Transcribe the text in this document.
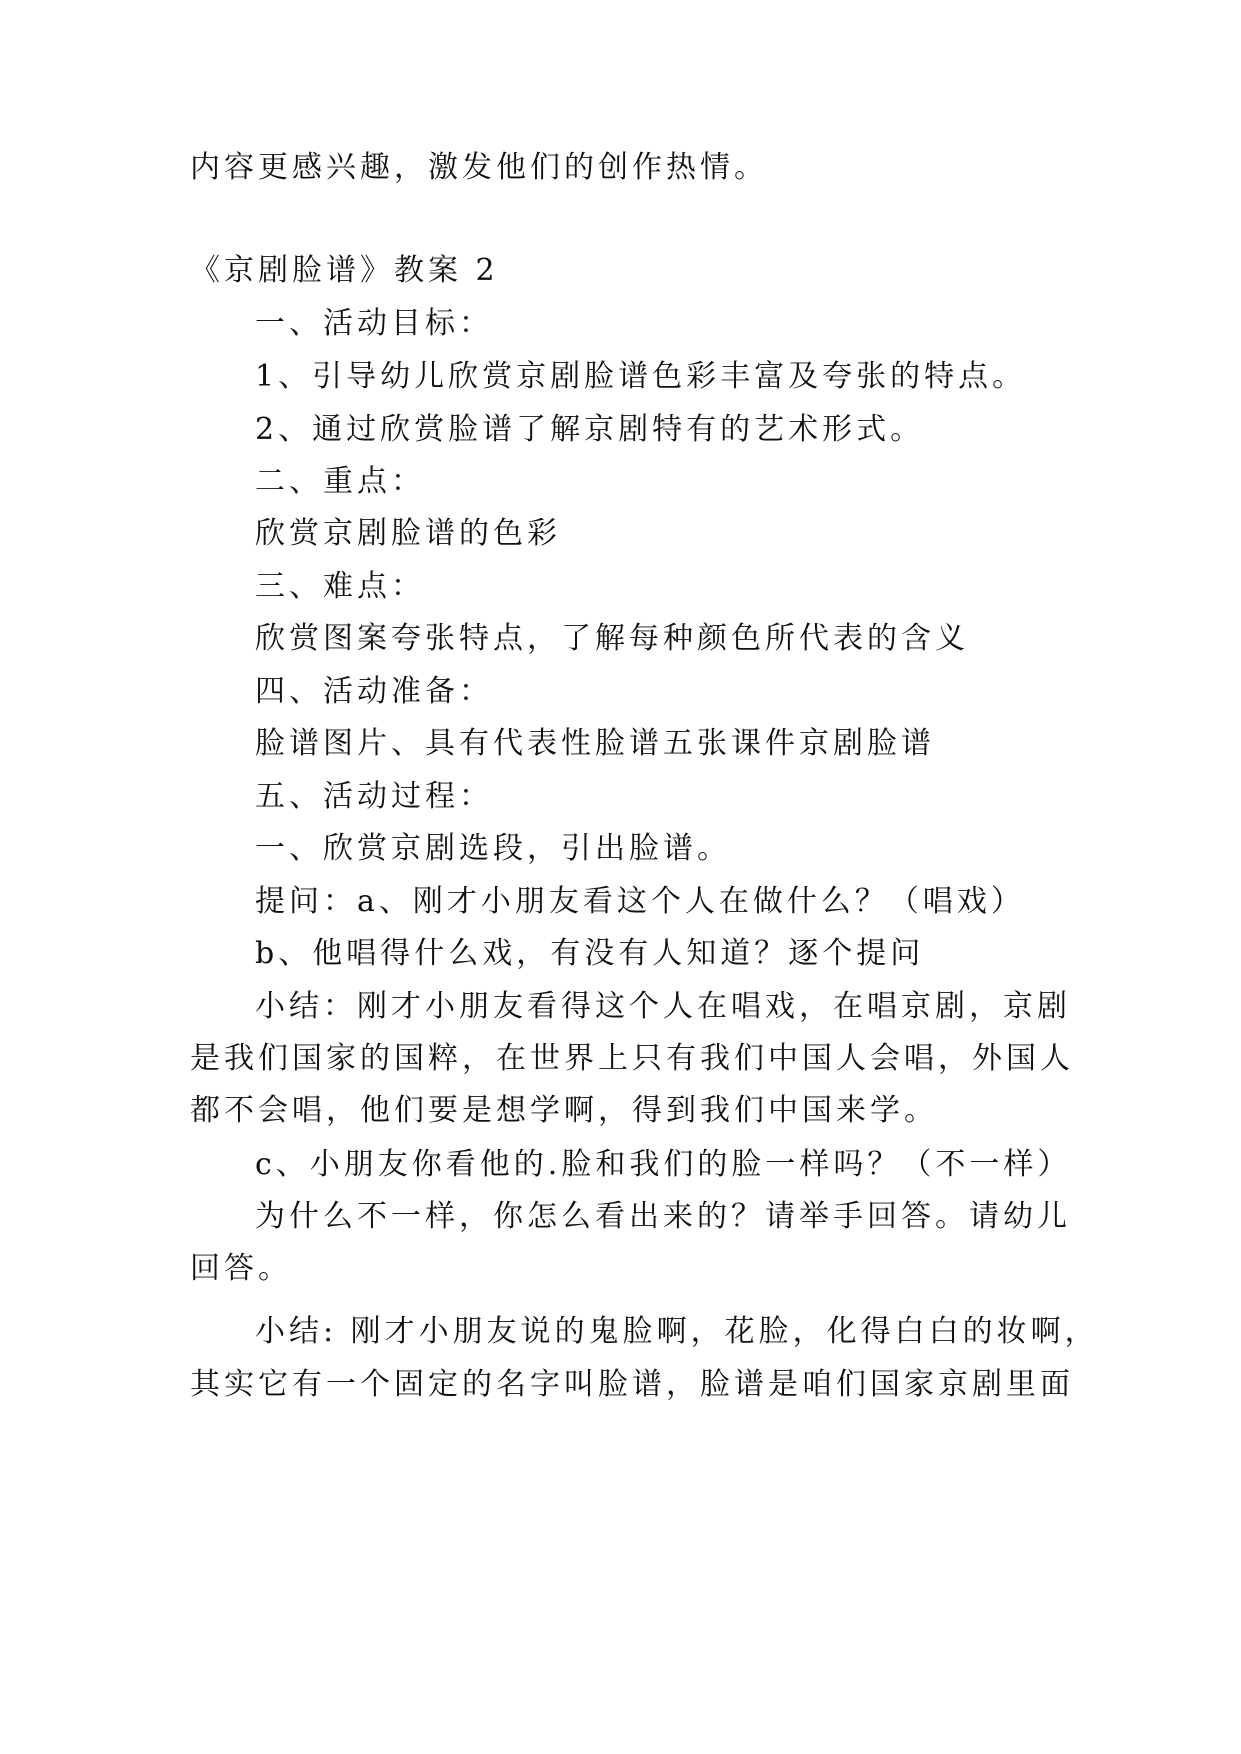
内容更感兴趣，激发他们的创作热情。
《京剧脸谱》教案 2
一、活动目标：
1、引导幼儿欣赏京剧脸谱色彩丰富及夸张的特点。
2、通过欣赏脸谱了解京剧特有的艺术形式。
二、重点：
欣赏京剧脸谱的色彩
三、难点：
欣赏图案夸张特点，了解每种颜色所代表的含义
四、活动准备：
脸谱图片、具有代表性脸谱五张课件京剧脸谱
五、活动过程：
一、欣赏京剧选段，引出脸谱。
提问：a、刚才小朋友看这个人在做什么？（唱戏）
b、他唱得什么戏，有没有人知道？逐个提问
小结：刚才小朋友看得这个人在唱戏，在唱京剧，京剧
是我们国家的国粹，在世界上只有我们中国人会唱，外国人
都不会唱，他们要是想学啊，得到我们中国来学。
c、小朋友你看他的.脸和我们的脸一样吗？（不一样）
为什么不一样，你怎么看出来的？请举手回答。请幼儿
回答。
小结: 刚才小朋友说的鬼脸啊，花脸，化得白白的妆啊，
其实它有一个固定的名字叫脸谱，脸谱是咱们国家京剧里面
